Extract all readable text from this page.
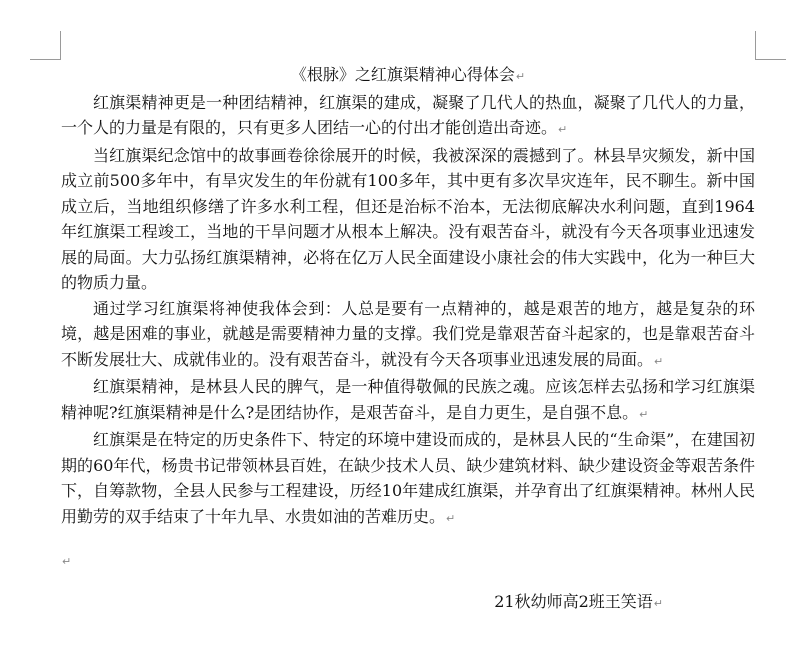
《根脉》之红旗渠精神心得体会↵

红旗渠精神更是一种团结精神，红旗渠的建成，凝聚了几代人的热血，凝聚了几代人的力量，一个人的力量是有限的，只有更多人团结一心的付出才能创造出奇迹。↵

当红旗渠纪念馆中的故事画卷徐徐展开的时候，我被深深的震撼到了。林县旱灾频发，新中国成立前500多年中，有旱灾发生的年份就有100多年，其中更有多次旱灾连年，民不聊生。新中国成立后，当地组织修缮了许多水利工程，但还是治标不治本，无法彻底解决水利问题，直到1964年红旗渠工程竣工，当地的干旱问题才从根本上解决。没有艰苦奋斗，就没有今天各项事业迅速发展的局面。大力弘扬红旗渠精神，必将在亿万人民全面建设小康社会的伟大实践中，化为一种巨大的物质力量。

通过学习红旗渠将神使我体会到：人总是要有一点精神的，越是艰苦的地方，越是复杂的环境，越是困难的事业，就越是需要精神力量的支撑。我们党是靠艰苦奋斗起家的，也是靠艰苦奋斗不断发展壮大、成就伟业的。没有艰苦奋斗，就没有今天各项事业迅速发展的局面。↵

红旗渠精神，是林县人民的脾气，是一种值得敬佩的民族之魂。应该怎样去弘扬和学习红旗渠精神呢?红旗渠精神是什么?是团结协作，是艰苦奋斗，是自力更生，是自强不息。↵

红旗渠是在特定的历史条件下、特定的环境中建设而成的，是林县人民的“生命渠”，在建国初期的60年代，杨贵书记带领林县百姓，在缺少技术人员、缺少建筑材料、缺少建设资金等艰苦条件下，自筹款物，全县人民参与工程建设，历经10年建成红旗渠，并孕育出了红旗渠精神。林州人民用勤劳的双手结束了十年九旱、水贵如油的苦难历史。↵

↵

21秋幼师高2班王笑语↵
